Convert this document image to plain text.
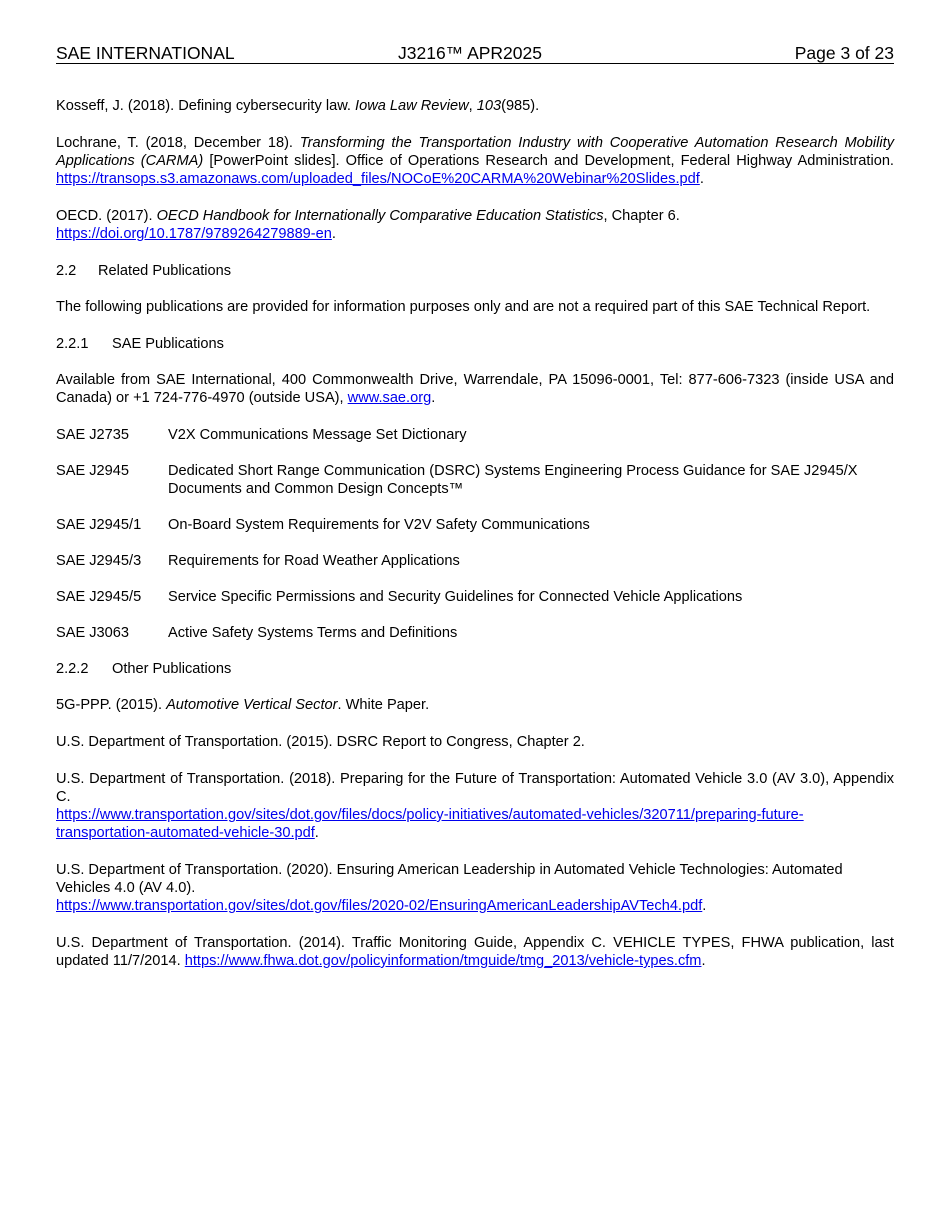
SAE INTERNATIONAL	J3216™ APR2025	Page 3 of 23

Kosseff, J. (2018). Defining cybersecurity law. Iowa Law Review, 103(985).

Lochrane, T. (2018, December 18). Transforming the Transportation Industry with Cooperative Automation Research Mobility Applications (CARMA) [PowerPoint slides]. Office of Operations Research and Development, Federal Highway Administration. https://transops.s3.amazonaws.com/uploaded_files/NOCoE%20CARMA%20Webinar%20Slides.pdf.

OECD. (2017). OECD Handbook for Internationally Comparative Education Statistics, Chapter 6.
https://doi.org/10.1787/9789264279889-en.

2.2 Related Publications

The following publications are provided for information purposes only and are not a required part of this SAE Technical Report.

2.2.1 SAE Publications

Available from SAE International, 400 Commonwealth Drive, Warrendale, PA 15096-0001, Tel: 877-606-7323 (inside USA and Canada) or +1 724-776-4970 (outside USA), www.sae.org.

SAE J2735	V2X Communications Message Set Dictionary
SAE J2945	Dedicated Short Range Communication (DSRC) Systems Engineering Process Guidance for SAE J2945/X Documents and Common Design Concepts™
SAE J2945/1	On-Board System Requirements for V2V Safety Communications
SAE J2945/3	Requirements for Road Weather Applications
SAE J2945/5	Service Specific Permissions and Security Guidelines for Connected Vehicle Applications
SAE J3063	Active Safety Systems Terms and Definitions
2.2.2 Other Publications

5G-PPP. (2015). Automotive Vertical Sector. White Paper.

U.S. Department of Transportation. (2015). DSRC Report to Congress, Chapter 2.

U.S. Department of Transportation. (2018). Preparing for the Future of Transportation: Automated Vehicle 3.0 (AV 3.0), Appendix C.
https://www.transportation.gov/sites/dot.gov/files/docs/policy-initiatives/automated-vehicles/320711/preparing-future-
transportation-automated-vehicle-30.pdf.

U.S. Department of Transportation. (2020). Ensuring American Leadership in Automated Vehicle Technologies: Automated Vehicles 4.0 (AV 4.0).
https://www.transportation.gov/sites/dot.gov/files/2020-02/EnsuringAmericanLeadershipAVTech4.pdf.

U.S. Department of Transportation. (2014). Traffic Monitoring Guide, Appendix C. VEHICLE TYPES, FHWA publication, last updated 11/7/2014. https://www.fhwa.dot.gov/policyinformation/tmguide/tmg_2013/vehicle-types.cfm.
